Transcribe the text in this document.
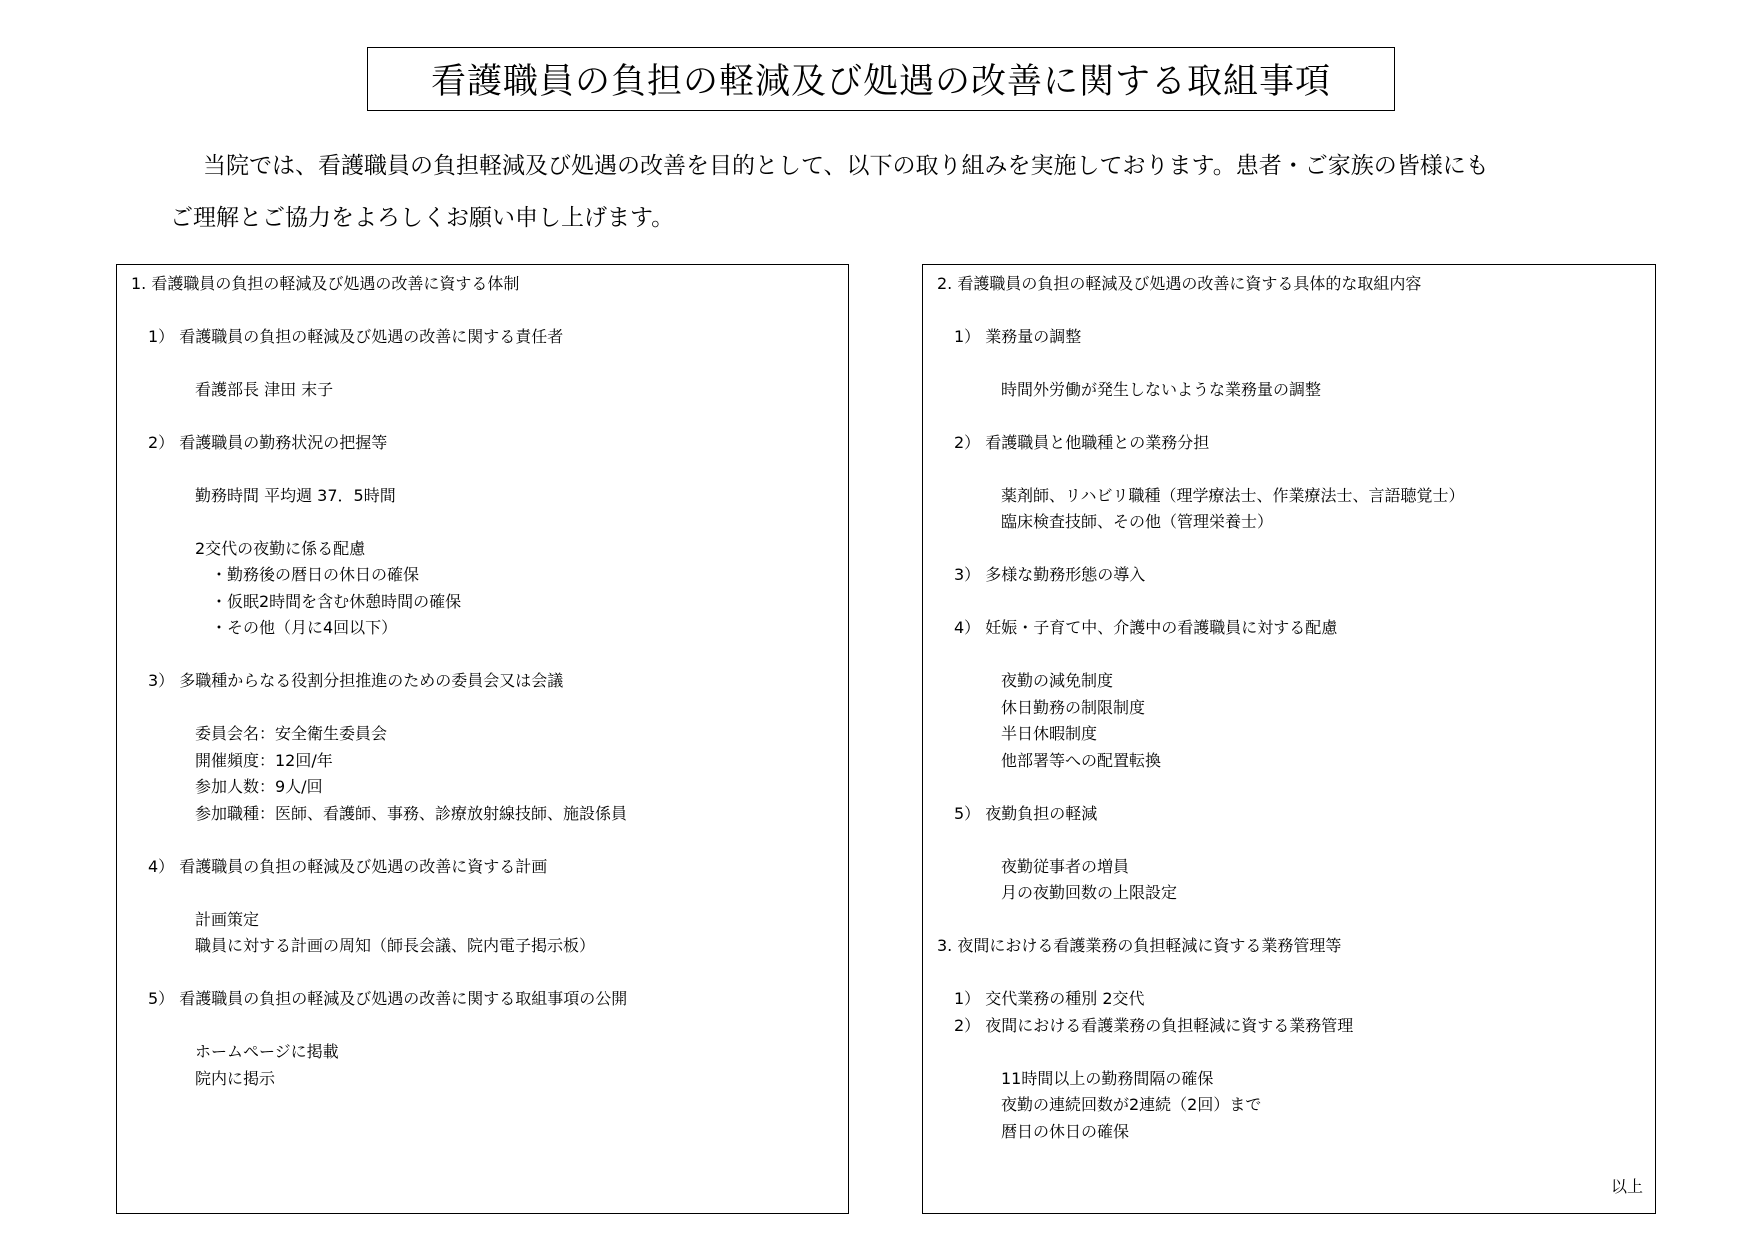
看護職員の負担の軽減及び処遇の改善に関する取組事項

当院では、看護職員の負担軽減及び処遇の改善を目的として、以下の取り組みを実施しております。患者・ご家族の皆様にも

ご理解とご協力をよろしくお願い申し上げます。

1. 看護職員の負担の軽減及び処遇の改善に資する体制
1） 看護職員の負担の軽減及び処遇の改善に関する責任者
看護部長 津田 末子
2） 看護職員の勤務状況の把握等
勤務時間 平均週 37．5時間
2交代の夜勤に係る配慮
・勤務後の暦日の休日の確保
・仮眠2時間を含む休憩時間の確保
・その他（月に4回以下）
3） 多職種からなる役割分担推進のための委員会又は会議
委員会名：安全衛生委員会
開催頻度：12回/年
参加人数：9人/回
参加職種：医師、看護師、事務、診療放射線技師、施設係員
4） 看護職員の負担の軽減及び処遇の改善に資する計画
計画策定
職員に対する計画の周知（師長会議、院内電子掲示板）
5） 看護職員の負担の軽減及び処遇の改善に関する取組事項の公開
ホームページに掲載
院内に掲示
2. 看護職員の負担の軽減及び処遇の改善に資する具体的な取組内容
1） 業務量の調整
時間外労働が発生しないような業務量の調整
2） 看護職員と他職種との業務分担
薬剤師、リハビリ職種（理学療法士、作業療法士、言語聴覚士）
臨床検査技師、その他（管理栄養士）
3） 多様な勤務形態の導入
4） 妊娠・子育て中、介護中の看護職員に対する配慮
夜勤の減免制度
休日勤務の制限制度
半日休暇制度
他部署等への配置転換
5） 夜勤負担の軽減
夜勤従事者の増員
月の夜勤回数の上限設定
3. 夜間における看護業務の負担軽減に資する業務管理等
1） 交代業務の種別 2交代
2） 夜間における看護業務の負担軽減に資する業務管理
11時間以上の勤務間隔の確保
夜勤の連続回数が2連続（2回）まで
暦日の休日の確保
以上
